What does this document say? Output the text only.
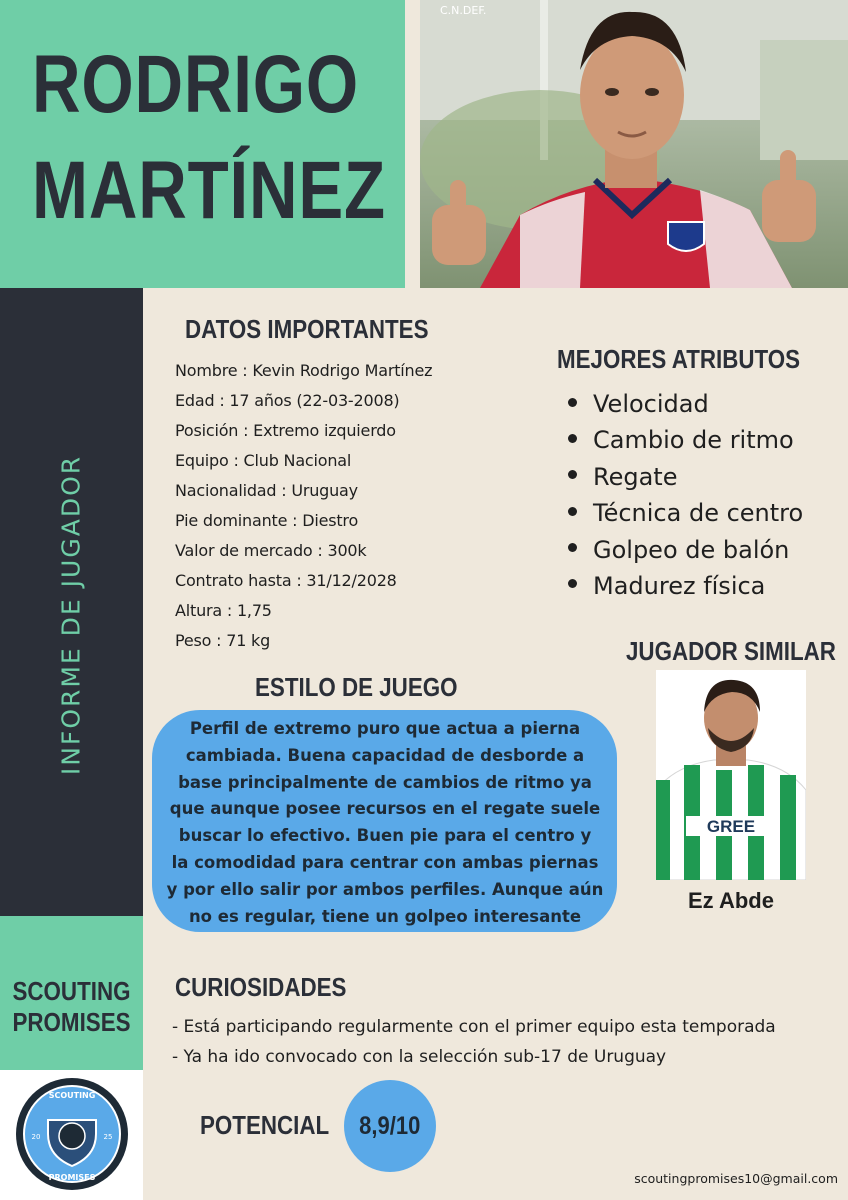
RODRIGO
MARTÍNEZ
C.N.DEF.
INFORME DE JUGADOR
SCOUTING
PROMISES
SCOUTING
PROMISES
20	25
DATOS IMPORTANTES
Nombre : Kevin Rodrigo Martínez
Edad : 17 años (22-03-2008)
Posición : Extremo izquierdo
Equipo : Club Nacional
Nacionalidad : Uruguay
Pie dominante : Diestro
Valor de mercado : 300k
Contrato hasta : 31/12/2028
Altura : 1,75
Peso : 71 kg
MEJORES ATRIBUTOS
Velocidad
Cambio de ritmo
Regate
Técnica de centro
Golpeo de balón
Madurez física
ESTILO DE JUEGO
Perfil de extremo puro que actua a pierna
cambiada. Buena capacidad de desborde a
base principalmente de cambios de ritmo ya
que aunque posee recursos en el regate suele
buscar lo efectivo. Buen pie para el centro y
la comodidad para centrar con ambas piernas
y por ello salir por ambos perfiles. Aunque aún
no es regular, tiene un golpeo interesante
JUGADOR SIMILAR
GREE
Ez Abde
CURIOSIDADES
- Está participando regularmente con el primer equipo esta temporada
- Ya ha ido convocado con la selección sub-17 de Uruguay
POTENCIAL 8,9/10
scoutingpromises10@gmail.com
